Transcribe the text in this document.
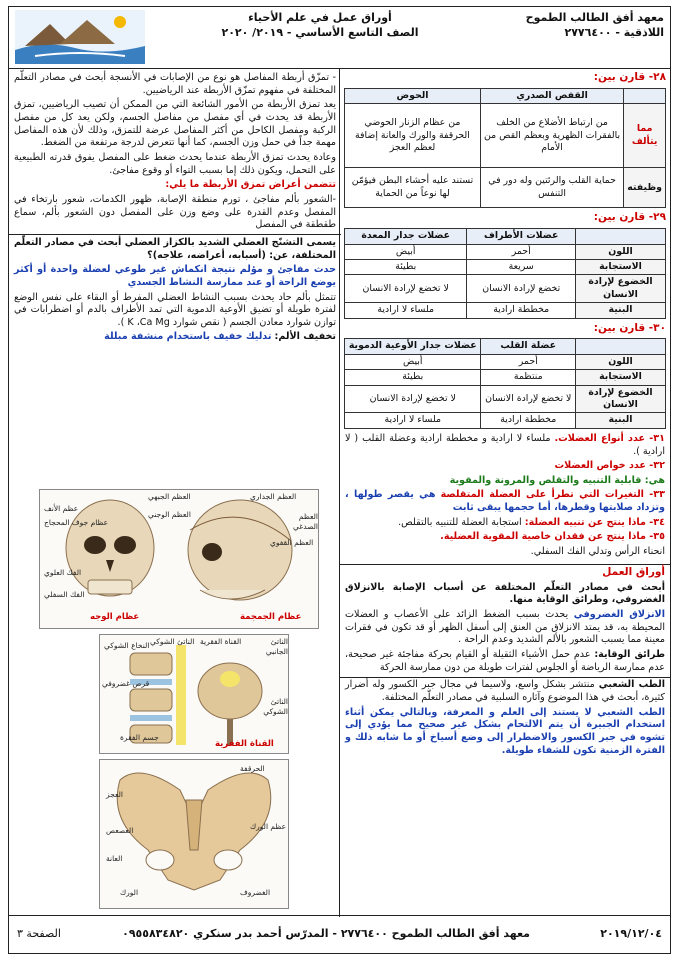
معهد أفق الطالب الطموح
اللاذقية - ٢٧٧٦٤٠٠
أوراق عمل في علم الأحياء
الصف التاسع الأساسي - ٢٠١٩/ ٢٠٢٠
٢٨- قارن بين:
	القفص الصدري	الحوض
مما يتألف	من ارتباط الأضلاع من الخلف بالفقرات الظهرية وبعظم القص من الأمام	من عظام الزنار الحوضي الحرقفة والورك والعانة إضافة لعظم العجز
وظيفته	حماية القلب والرئتين وله دور في التنفس	تستند عليه أحشاء البطن فيؤمّن لها نوعاً من الحماية
٢٩- قارن بين:
	عضلات الأطراف	عضلات جدار المعدة
اللون	أحمر	أبيض
الاستجابة	سريعة	بطيئة
الخضوع لإرادة الانسان	تخضع لإرادة الانسان	لا تخضع لإرادة الانسان
البنية	مخططة ارادية	ملساء لا ارادية
٣٠- قارن بين:
	عضلة القلب	عضلات جدار الأوعية الدموية
اللون	أحمر	أبيض
الاستجابة	منتظمة	بطيئة
الخضوع لإرادة الانسان	لا تخضع لإرادة الانسان	لا تخضع لإرادة الانسان
البنية	مخططة ارادية	ملساء لا ارادية
٣١- عدد أنواع العضلات. ملساء لا ارادية و مخططة ارادية وعضلة القلب ( لا ارادية ).
٣٢- عدد خواص العضلات
هي: قابلية التنبيه والتقلص والمرونة والمقوية
٣٣- التغيرات التي تطرأ على العضلة المتقلصة هي يقصر طولها ، وتزداد صلابتها وقطرها، أما حجمها يبقى ثابت
٣٤- ماذا ينتج عن تنبيه العضلة: استجابة العضلة للتنبيه بالتقلص.
٣٥- ماذا ينتج عن فقدان خاصية المقوية العضلية.
انحناء الرأس وتدلي الفك السفلي.
أوراق العمل
أبحث في مصادر التعلّم المختلفة عن أسباب الإصابة بالانزلاق الغضروفي، وطرائق الوقاية منها.
الانزلاق الغضروفي يحدث بسبب الضغط الزائد على الأعصاب و العضلات المحيطة به، قد يمتد الانزلاق من العنق إلى أسفل الظهر أو قد تكون في فقرات معينة مما يسبب الشعور بالألم الشديد وعدم الراحة .
طرائق الوقاية: عدم حمل الأشياء الثقيلة أو القيام بحركة مفاجئة غير صحيحة، عدم ممارسة الرياضة أو الجلوس لفترات طويلة من دون ممارسة الحركة
الطب الشعبي منتشر بشكل واسع، ولاسيما في مجال جبر الكسور وله أضرار كثيرة، أبحث في هذا الموضوع وآثاره السلبية في مصادر التعلّم المختلفة.
الطب الشعبي لا يستند إلى العلم و المعرفة، وبالتالي يمكن أثناء استخدام الجبيرة أن يتم الالتحام بشكل غير صحيح مما يؤدي إلى تشوه في جبر الكسور والاضطرار إلى وضع أسياخ أو ما شابه ذلك و الفترة الزمنية تكون للشفاء طويلة.
- تمزّق أربطة المفاصل هو نوع من الإصابات في الأنسجة أبحث في مصادر التعلّم المختلفة في مفهوم تمزّق الأربطة عند الرياضيين.
يعد تمزق الأربطة من الأمور الشائعة التي من الممكن أن تصيب الرياضيين، تمزق الأربطة قد يحدث في أي مفصل من مفاصل الجسم، ولكن يعد كل من مفصل الركبة ومفصل الكاحل من أكثر المفاصل عرضة للتمزق، وذلك لأن هذه المفاصل مهمة جداً في حمل وزن الجسم، كما أنها تتعرض لدرجة مرتفعة من الضغط.
وعادة يحدث تمزق الأربطة عندما يحدث ضغط على المفصل يفوق قدرته الطبيعية على التحمل، ويكون ذلك إما بسبب التواء أو وقوع مفاجئ.
تتضمن أعراض تمزق الأربطة ما يلي:
-الشعور بألم مفاجئ ، تورم منطقة الإصابة، ظهور الكدمات، شعور بارتخاء في المفصل وعدم القدرة على وضع وزن على المفصل دون الشعور بألم، سماع طقطقة في المفصل
يسمى التشنّج العضلي الشديد بالكزاز العضلي أبحث في مصادر التعلّم المختلفة، عن: (أسبابه، أعراضه، علاجه)؟
حدث مفاجئ و مؤلم نتيجة انكماش غير طوعي لعضلة واحدة أو أكثر يوضع الراحة أو عند ممارسة النشاط الجسدي
تتمثل بألم حاد يحدث بسبب النشاط العضلي المفرط أو البقاء على نفس الوضع لفترة طويلة أو تضيق الأوعية الدموية التي تمد الأطراف بالدم أو اضطرابات في توازن شوارد معادن الجسم ( نقص شوارد K ،Ca Mg ).
تخفيف الألم: تدليك خفيف باستخدام منشفة مبللة
العظم الجبهي	العظم الجداري
العظم الوجني
عظم الأنف
عظام جوف المحجاج
الفك العلوي
الفك السفلي
العظم القفوي
العظم الصدغي
عظام الوجه	عظام الجمجمة
الناتئ الشوكي	الناتئ الجانبي
القناة الفقرية
النخاع الشوكي
قرص غضروفي
الناتئ الشوكي
جسم الفقرة
القناة الفقرية
الحرقفة
العجز
العصعص
العانة
عظم الورك
الغضروف
الورك
معهد أفق الطالب الطموح ٢٧٧٦٤٠٠ - المدرّس أحمد بدر سنكري ٠٩٥٥٨٣٤٨٢٠	٢٠١٩/١٢/٠٤
الصفحة ٣
